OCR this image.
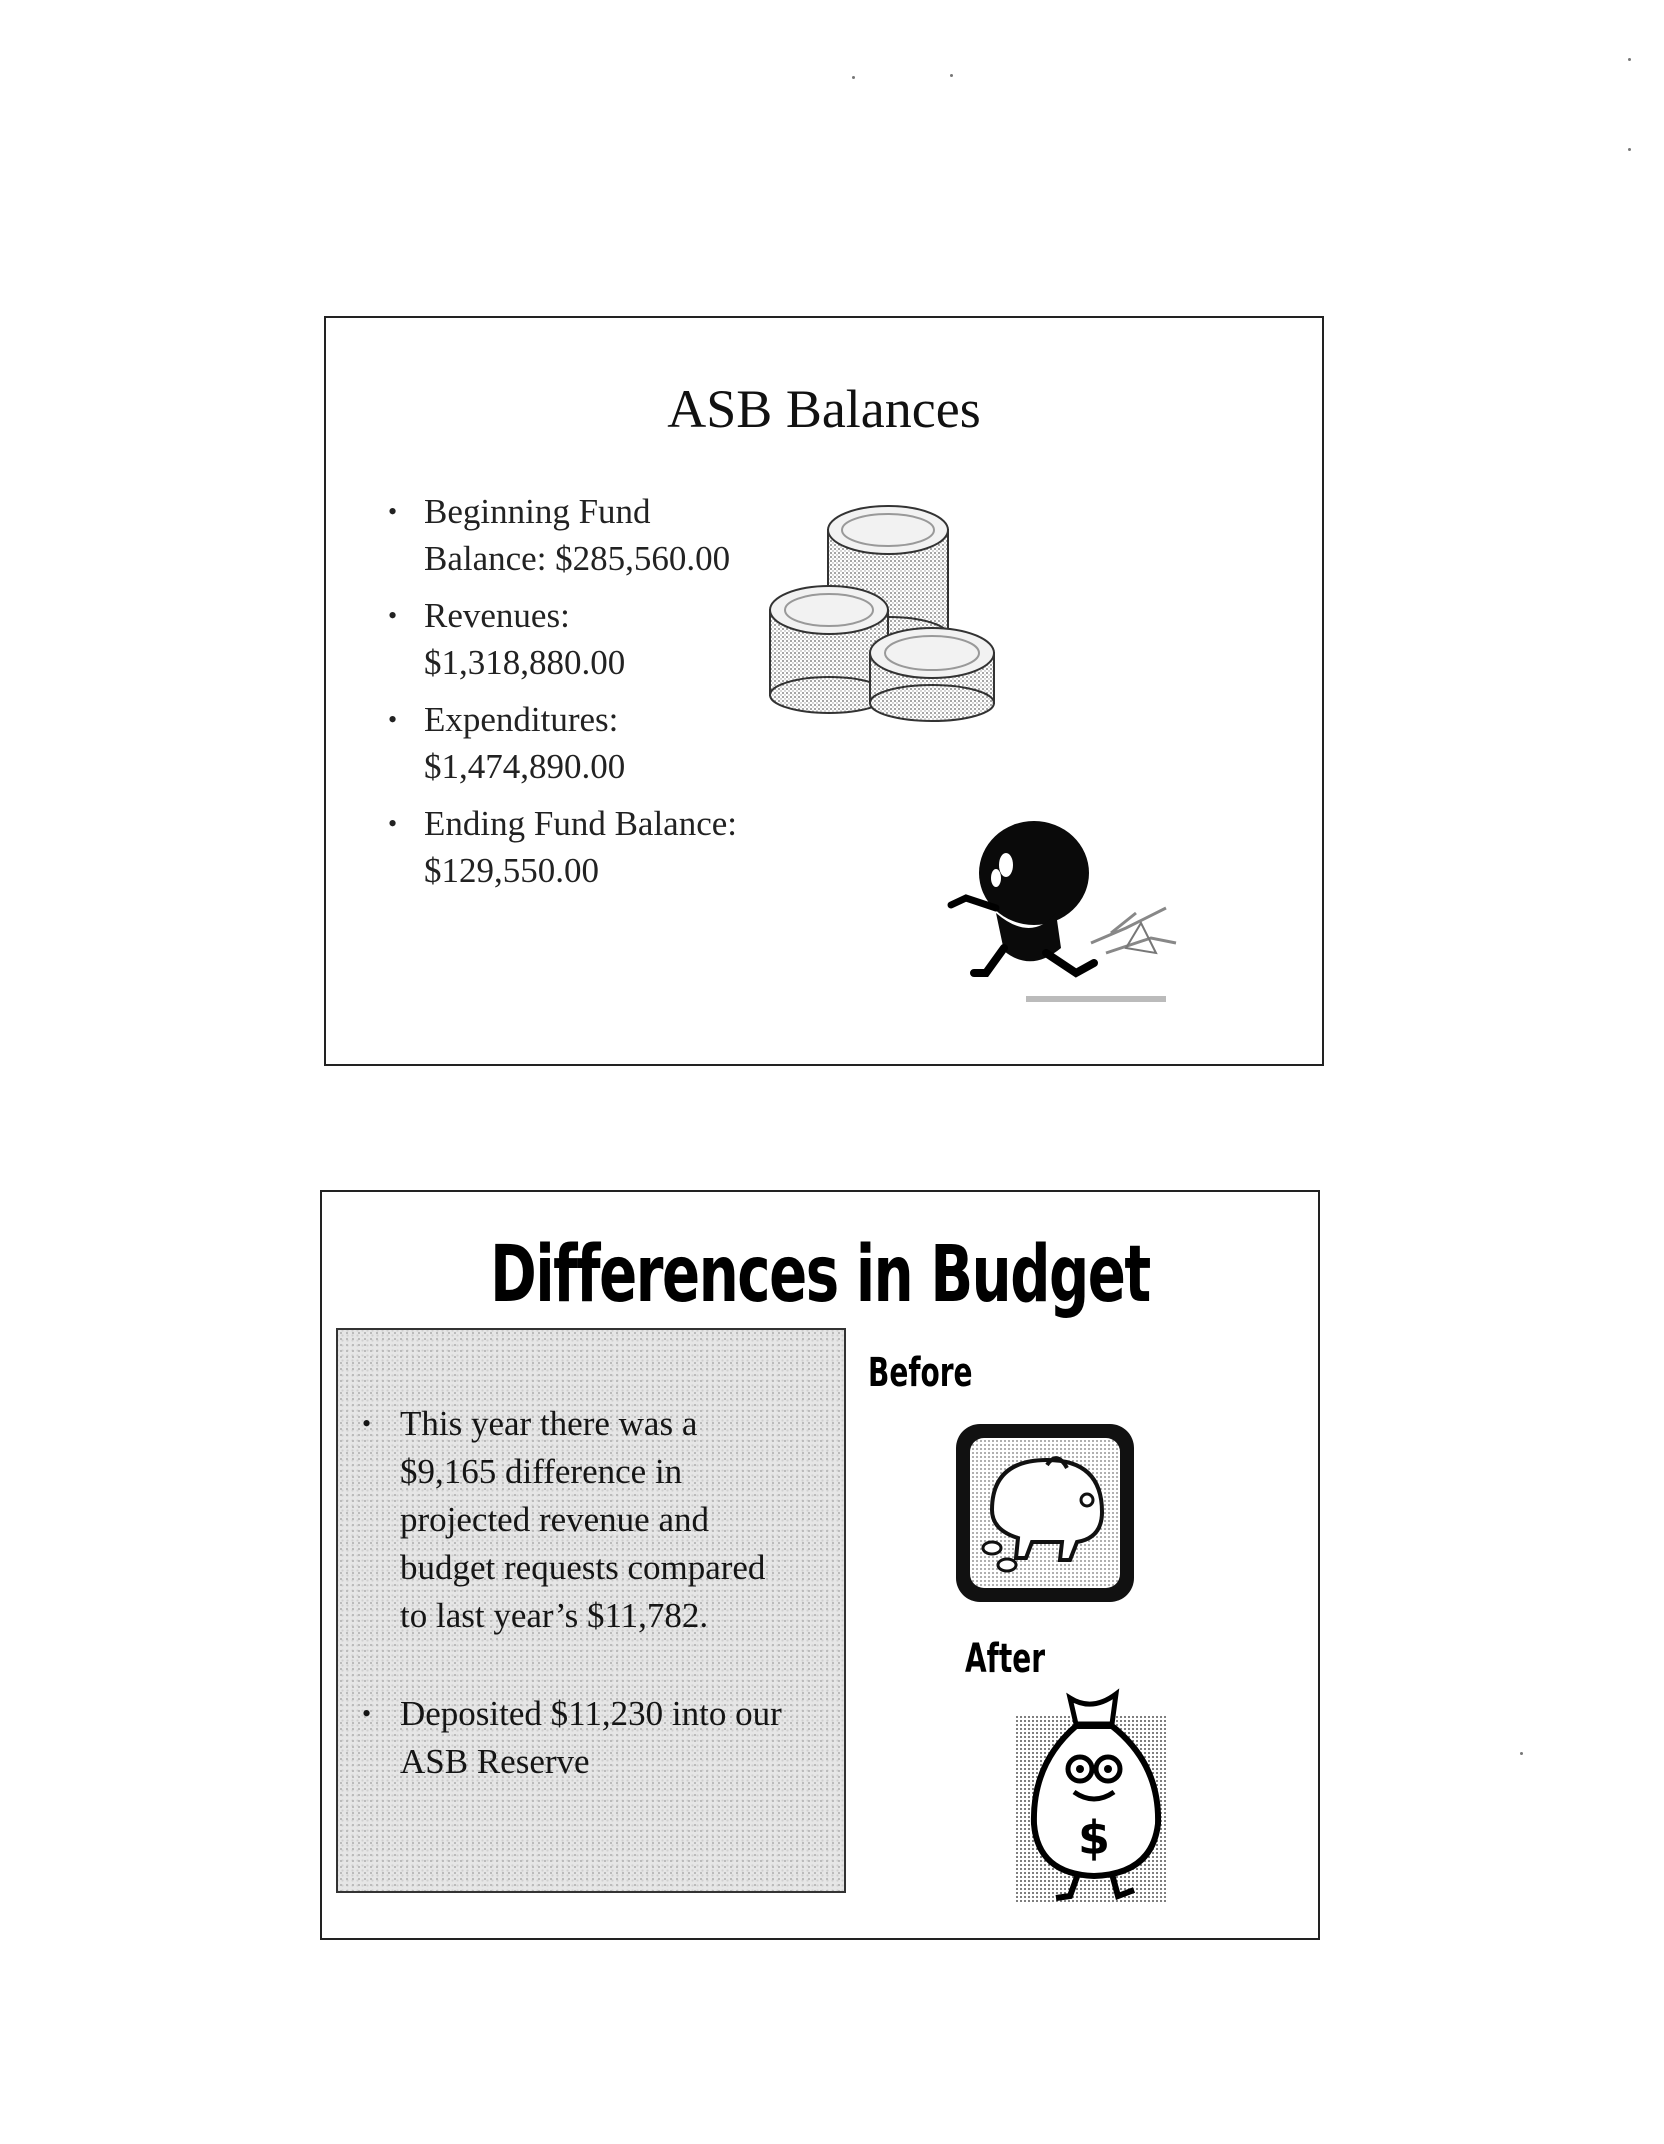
ASB Balances
• Beginning Fund
Balance: $285,560.00
• Revenues:
$1,318,880.00
• Expenditures:
$1,474,890.00
• Ending Fund Balance:
$129,550.00
Differences in Budget
• This year there was a $9,165 difference in projected revenue and budget requests compared to last year’s $11,782.
• Deposited $11,230 into our ASB Reserve
Before
After
$
